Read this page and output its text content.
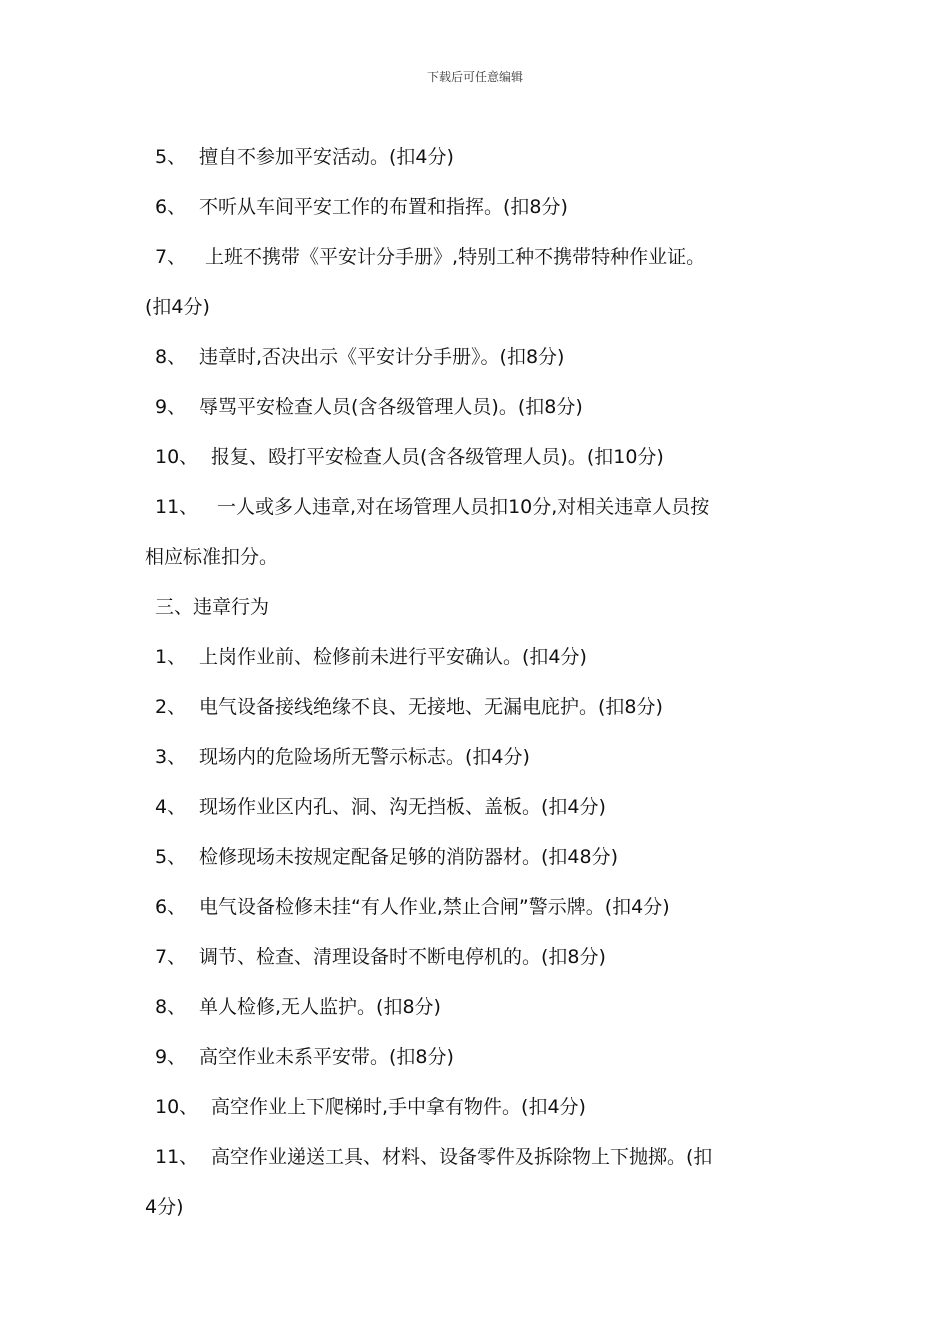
下载后可任意编辑
5、 擅自不参加平安活动。(扣4分)
6、 不听从车间平安工作的布置和指挥。(扣8分)
7、 上班不携带《平安计分手册》,特别工种不携带特种作业证。
(扣4分)
8、 违章时,否决出示《平安计分手册》。(扣8分)
9、 辱骂平安检查人员(含各级管理人员)。(扣8分)
10、 报复、殴打平安检查人员(含各级管理人员)。(扣10分)
11、 一人或多人违章,对在场管理人员扣10分,对相关违章人员按
相应标准扣分。
三、违章行为
1、 上岗作业前、检修前未进行平安确认。(扣4分)
2、 电气设备接线绝缘不良、无接地、无漏电庇护。(扣8分)
3、 现场内的危险场所无警示标志。(扣4分)
4、 现场作业区内孔、洞、沟无挡板、盖板。(扣4分)
5、 检修现场未按规定配备足够的消防器材。(扣48分)
6、 电气设备检修未挂“有人作业,禁止合闸”警示牌。(扣4分)
7、 调节、检查、清理设备时不断电停机的。(扣8分)
8、 单人检修,无人监护。(扣8分)
9、 高空作业未系平安带。(扣8分)
10、 高空作业上下爬梯时,手中拿有物件。(扣4分)
11、 高空作业递送工具、材料、设备零件及拆除物上下抛掷。(扣
4分)
